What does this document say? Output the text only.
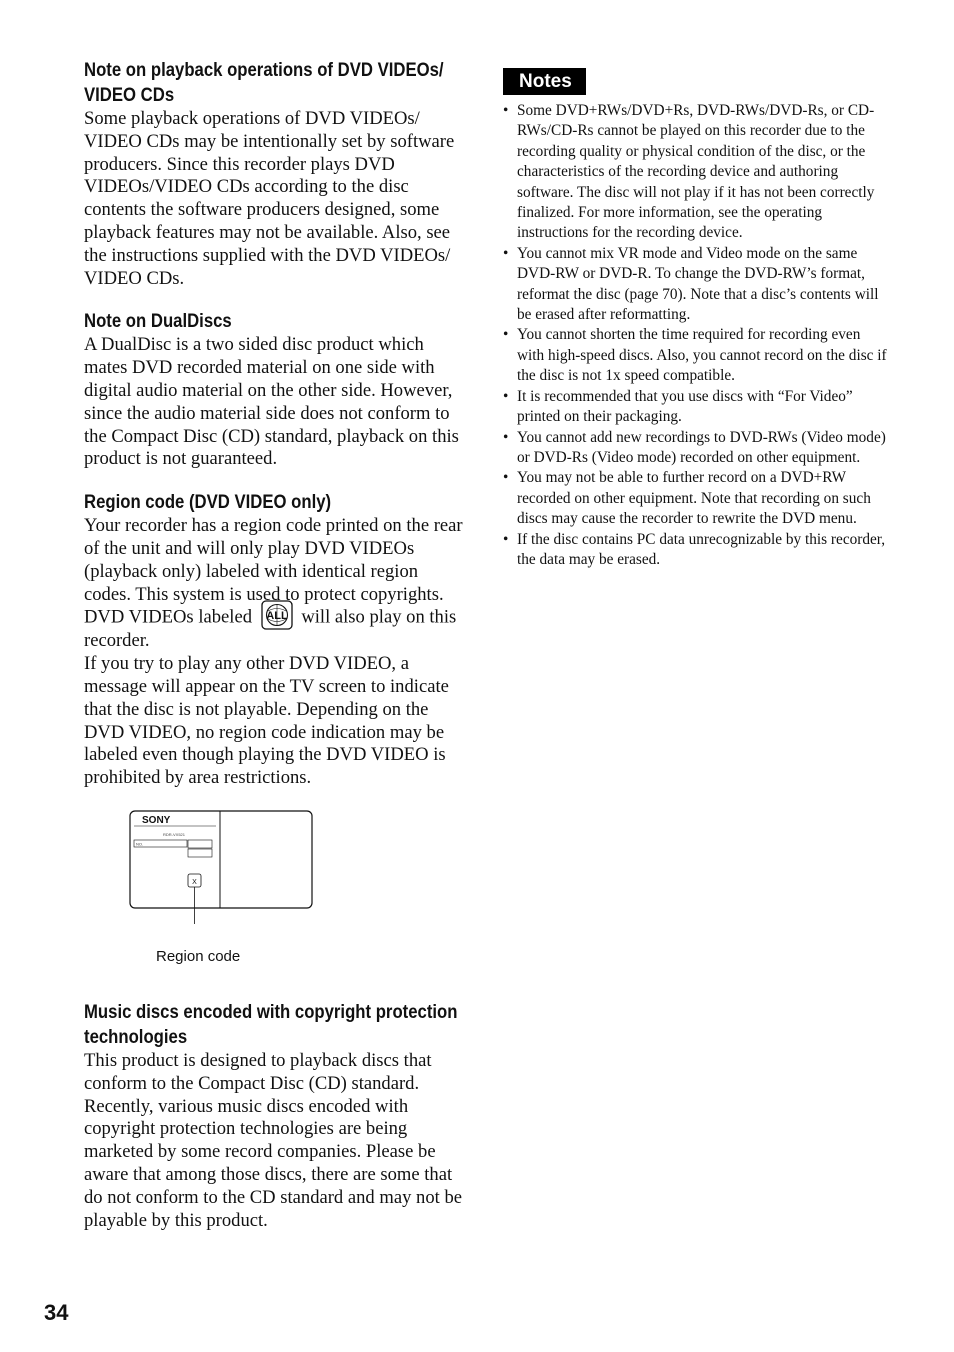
Note on playback operations of DVD VIDEOs/ VIDEO CDs

Some playback operations of DVD VIDEOs/ VIDEO CDs may be intentionally set by software producers. Since this recorder plays DVD VIDEOs/VIDEO CDs according to the disc contents the software producers designed, some playback features may not be available. Also, see the instructions supplied with the DVD VIDEOs/ VIDEO CDs.

Note on DualDiscs

A DualDisc is a two sided disc product which mates DVD recorded material on one side with digital audio material on the other side. However, since the audio material side does not conform to the Compact Disc (CD) standard, playback on this product is not guaranteed.

Region code (DVD VIDEO only)

Your recorder has a region code printed on the rear of the unit and will only play DVD VIDEOs (playback only) labeled with identical region codes. This system is used to protect copyrights. DVD VIDEOs labeled ALL will also play on this recorder.

If you try to play any other DVD VIDEO, a message will appear on the TV screen to indicate that the disc is not playable. Depending on the DVD VIDEO, no region code indication may be labeled even though playing the DVD VIDEO is prohibited by area restrictions.

SONY
RDR-VX521
NO.
X
Region code
Music discs encoded with copyright protection technologies

This product is designed to playback discs that conform to the Compact Disc (CD) standard. Recently, various music discs encoded with copyright protection technologies are being marketed by some record companies. Please be aware that among those discs, there are some that do not conform to the CD standard and may not be playable by this product.

Notes
• Some DVD+RWs/DVD+Rs, DVD-RWs/DVD-Rs, or CD-RWs/CD-Rs cannot be played on this recorder due to the recording quality or physical condition of the disc, or the characteristics of the recording device and authoring software. The disc will not play if it has not been correctly finalized. For more information, see the operating instructions for the recording device.
• You cannot mix VR mode and Video mode on the same DVD-RW or DVD-R. To change the DVD-RW’s format, reformat the disc (page 70). Note that a disc’s contents will be erased after reformatting.
• You cannot shorten the time required for recording even with high-speed discs. Also, you cannot record on the disc if the disc is not 1x speed compatible.
• It is recommended that you use discs with “For Video” printed on their packaging.
• You cannot add new recordings to DVD-RWs (Video mode) or DVD-Rs (Video mode) recorded on other equipment.
• You may not be able to further record on a DVD+RW recorded on other equipment. Note that recording on such discs may cause the recorder to rewrite the DVD menu.
• If the disc contains PC data unrecognizable by this recorder, the data may be erased.
34
